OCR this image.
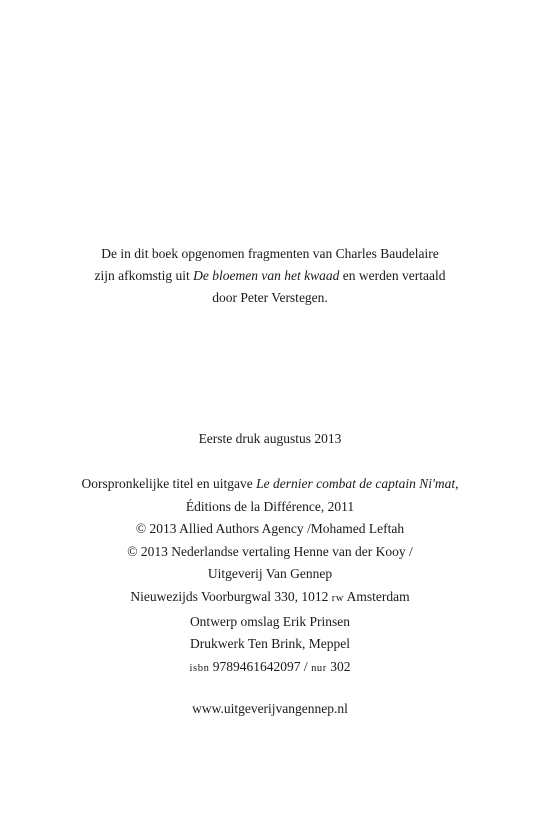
De in dit boek opgenomen fragmenten van Charles Baudelaire
zijn afkomstig uit De bloemen van het kwaad en werden vertaald
door Peter Verstegen.
Eerste druk augustus 2013
Oorspronkelijke titel en uitgave Le dernier combat de captain Ni'mat,
Éditions de la Différence, 2011
© 2013 Allied Authors Agency /Mohamed Leftah
© 2013 Nederlandse vertaling Henne van der Kooy /
Uitgeverij Van Gennep
Nieuwezijds Voorburgwal 330, 1012 rw Amsterdam
Ontwerp omslag Erik Prinsen
Drukwerk Ten Brink, Meppel
isbn 9789461642097 / nur 302
www.uitgeverijvangennep.nl
